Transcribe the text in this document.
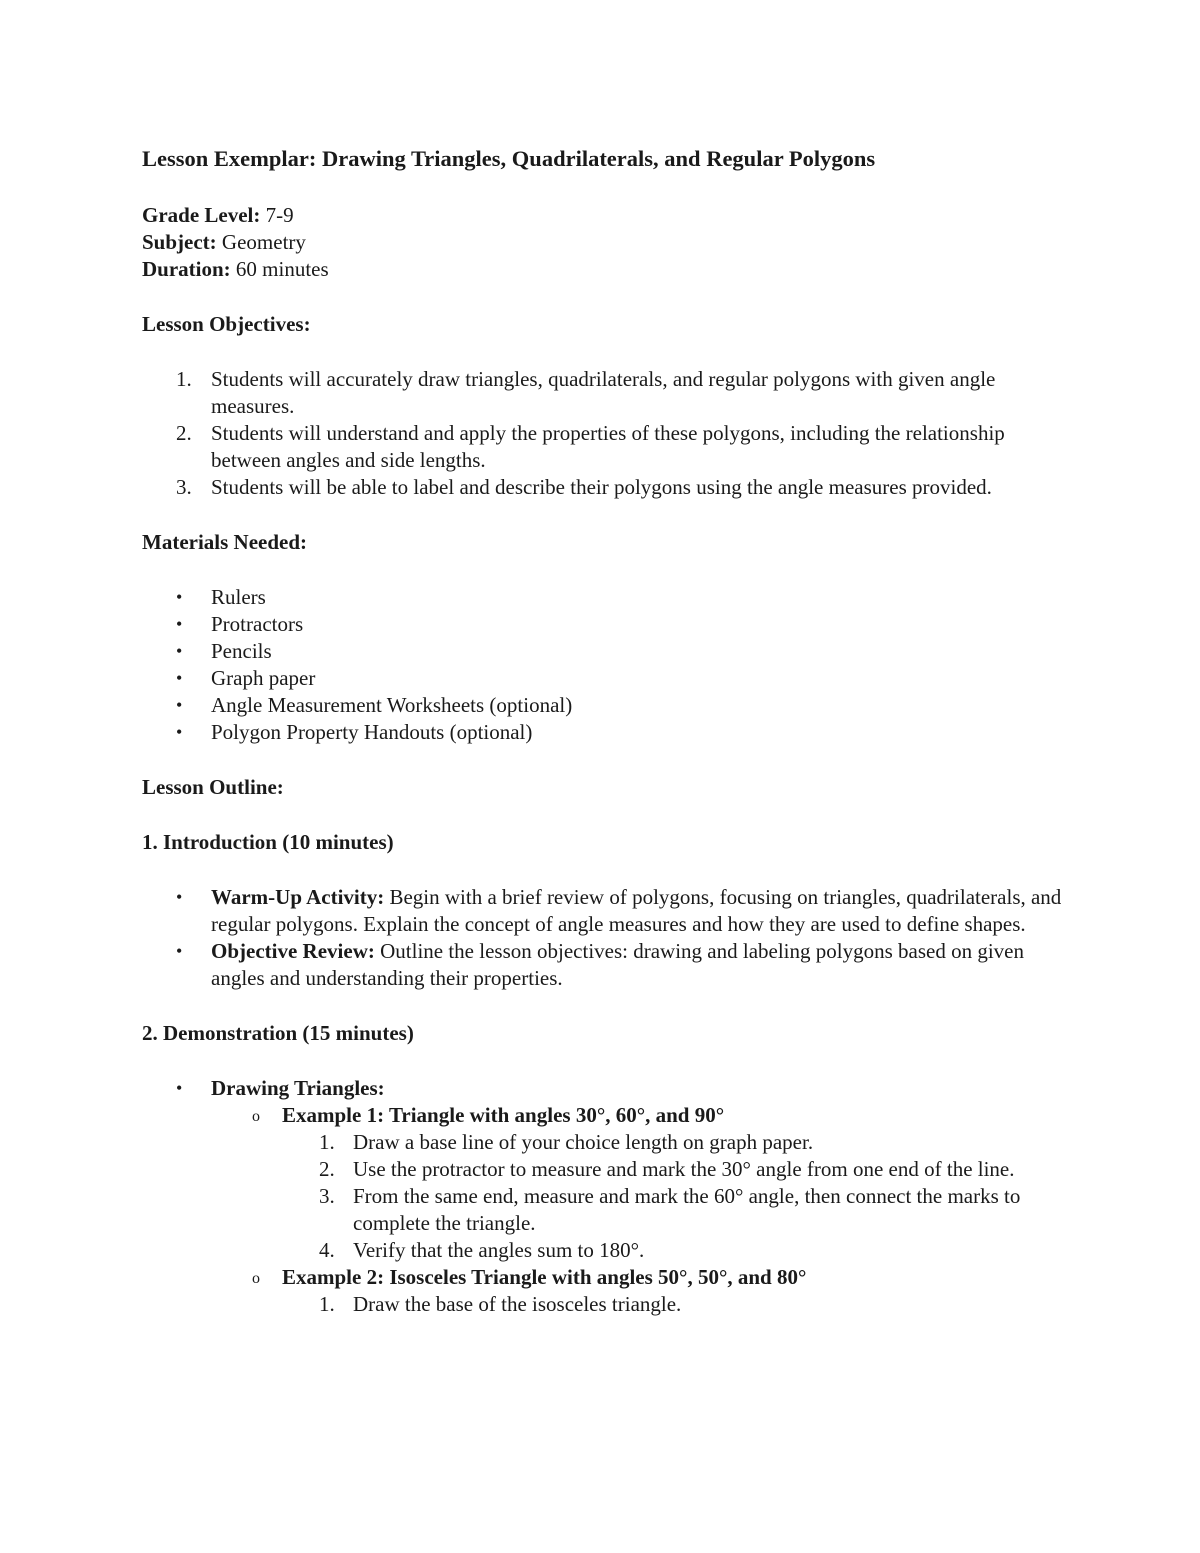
Lesson Exemplar: Drawing Triangles, Quadrilaterals, and Regular Polygons
Grade Level: 7-9
Subject: Geometry
Duration: 60 minutes
Lesson Objectives:
1. Students will accurately draw triangles, quadrilaterals, and regular polygons with given angle measures.
2. Students will understand and apply the properties of these polygons, including the relationship between angles and side lengths.
3. Students will be able to label and describe their polygons using the angle measures provided.
Materials Needed:
• Rulers
• Protractors
• Pencils
• Graph paper
• Angle Measurement Worksheets (optional)
• Polygon Property Handouts (optional)
Lesson Outline:
1. Introduction (10 minutes)
• Warm-Up Activity: Begin with a brief review of polygons, focusing on triangles, quadrilaterals, and regular polygons. Explain the concept of angle measures and how they are used to define shapes.
• Objective Review: Outline the lesson objectives: drawing and labeling polygons based on given angles and understanding their properties.
2. Demonstration (15 minutes)
• Drawing Triangles:
o Example 1: Triangle with angles 30°, 60°, and 90°
1. Draw a base line of your choice length on graph paper.
2. Use the protractor to measure and mark the 30° angle from one end of the line.
3. From the same end, measure and mark the 60° angle, then connect the marks to complete the triangle.
4. Verify that the angles sum to 180°.
o Example 2: Isosceles Triangle with angles 50°, 50°, and 80°
1. Draw the base of the isosceles triangle.
